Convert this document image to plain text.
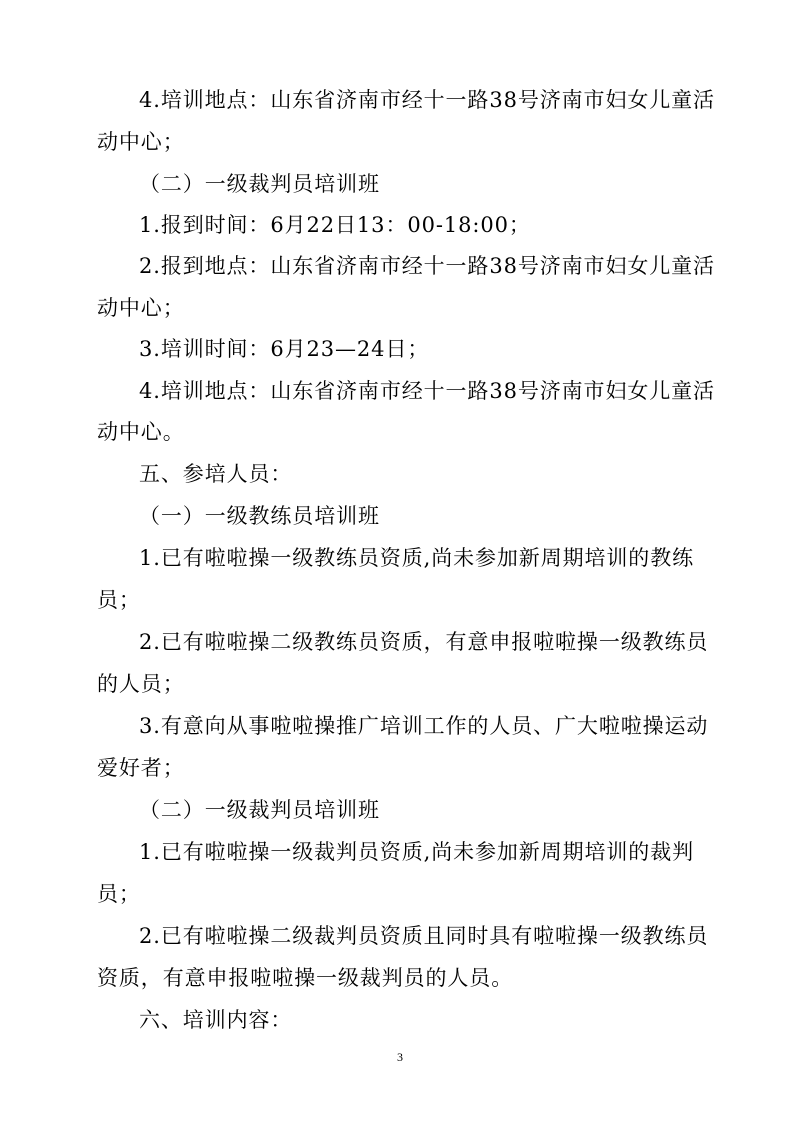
4.培训地点：山东省济南市经十一路38号济南市妇女儿童活
动中心；
（二）一级裁判员培训班
1.报到时间：6月22日13：00-18:00；
2.报到地点：山东省济南市经十一路38号济南市妇女儿童活
动中心；
3.培训时间：6月23—24日；
4.培训地点：山东省济南市经十一路38号济南市妇女儿童活
动中心。
五、参培人员：
（一）一级教练员培训班
1.已有啦啦操一级教练员资质,尚未参加新周期培训的教练
员；
2.已有啦啦操二级教练员资质，有意申报啦啦操一级教练员
的人员；
3.有意向从事啦啦操推广培训工作的人员、广大啦啦操运动
爱好者；
（二）一级裁判员培训班
1.已有啦啦操一级裁判员资质,尚未参加新周期培训的裁判
员；
2.已有啦啦操二级裁判员资质且同时具有啦啦操一级教练员
资质，有意申报啦啦操一级裁判员的人员。
六、培训内容：
3
